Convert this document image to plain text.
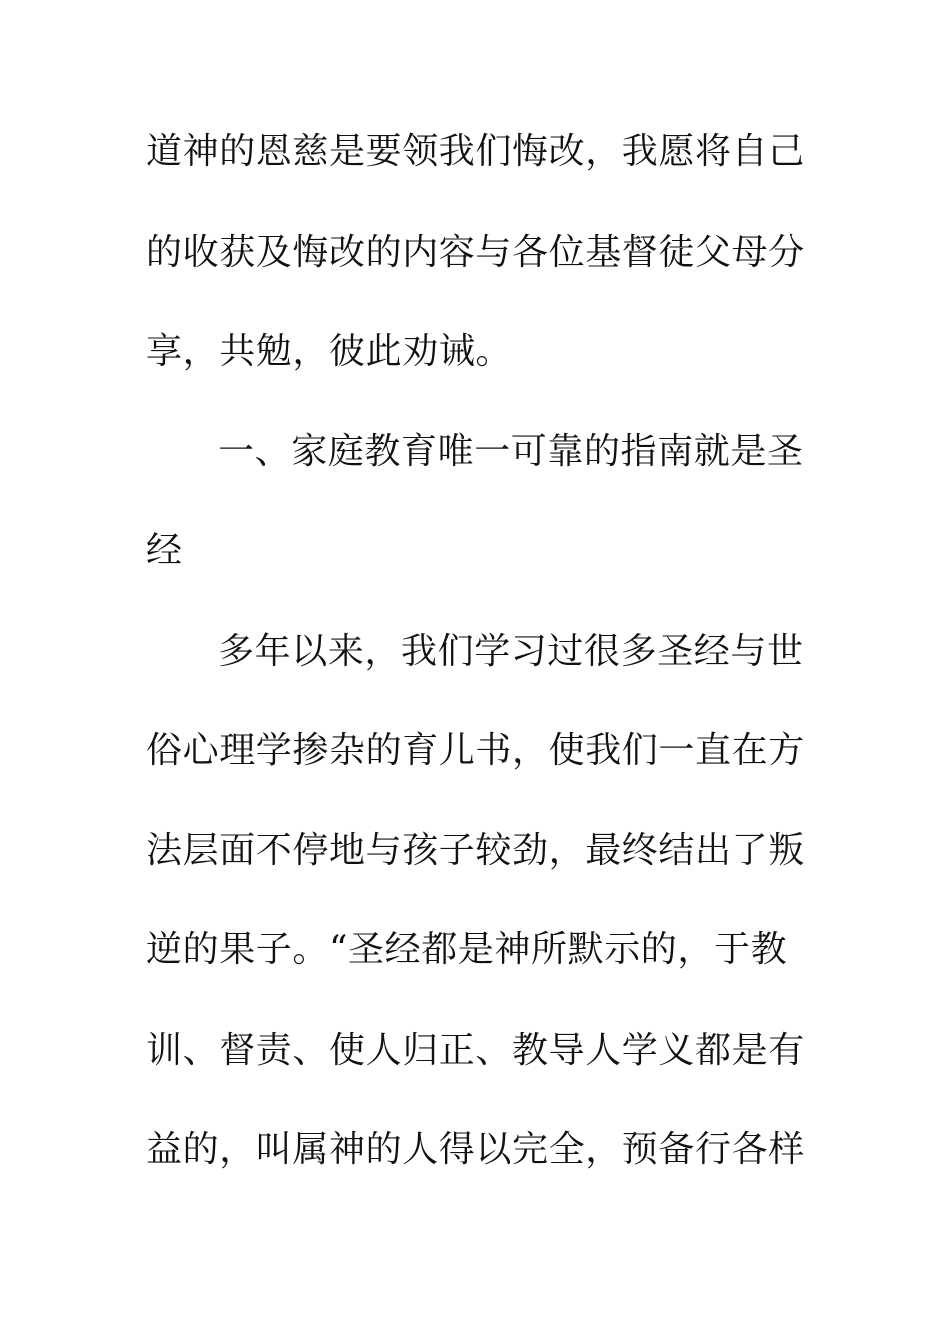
道神的恩慈是要领我们悔改，我愿将自己
的收获及悔改的内容与各位基督徒父母分
享，共勉，彼此劝诫。
一、家庭教育唯一可靠的指南就是圣
经
多年以来，我们学习过很多圣经与世
俗心理学掺杂的育儿书，使我们一直在方
法层面不停地与孩子较劲，最终结出了叛
逆的果子。“圣经都是神所默示的，于教
训、督责、使人归正、教导人学义都是有
益的，叫属神的人得以完全，预备行各样
